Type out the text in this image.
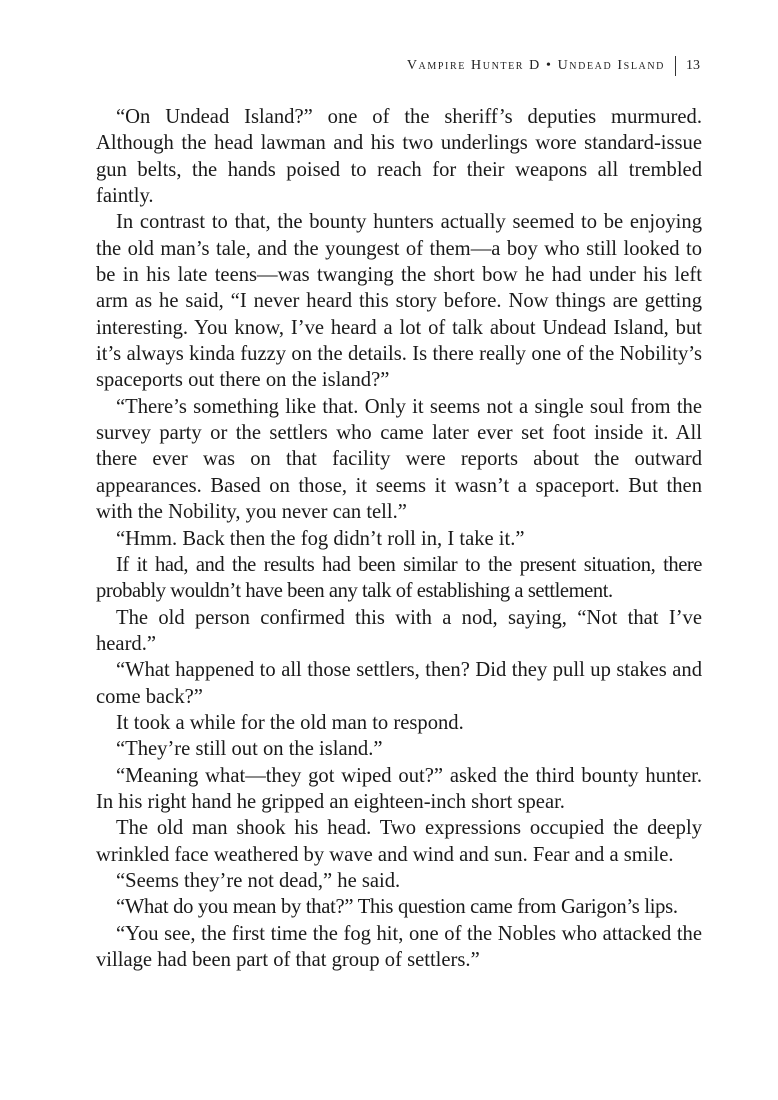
Vampire Hunter D • Undead Island 13

“On Undead Island?” one of the sheriff’s deputies murmured. Although the head lawman and his two underlings wore standard-issue gun belts, the hands poised to reach for their weapons all trembled faintly.

In contrast to that, the bounty hunters actually seemed to be enjoying the old man’s tale, and the youngest of them—a boy who still looked to be in his late teens—was twanging the short bow he had under his left arm as he said, “I never heard this story before. Now things are getting interesting. You know, I’ve heard a lot of talk about Undead Island, but it’s always kinda fuzzy on the details. Is there really one of the Nobility’s spaceports out there on the island?”

“There’s something like that. Only it seems not a single soul from the survey party or the settlers who came later ever set foot inside it. All there ever was on that facility were reports about the outward appearances. Based on those, it seems it wasn’t a spaceport. But then with the Nobility, you never can tell.”

“Hmm. Back then the fog didn’t roll in, I take it.”

If it had, and the results had been similar to the present situation, there probably wouldn’t have been any talk of establishing a settlement.

The old person confirmed this with a nod, saying, “Not that I’ve heard.”

“What happened to all those settlers, then? Did they pull up stakes and come back?”

It took a while for the old man to respond.

“They’re still out on the island.”

“Meaning what—they got wiped out?” asked the third bounty hunter. In his right hand he gripped an eighteen-inch short spear.

The old man shook his head. Two expressions occupied the deeply wrinkled face weathered by wave and wind and sun. Fear and a smile.

“Seems they’re not dead,” he said.

“What do you mean by that?” This question came from Garigon’s lips.

“You see, the first time the fog hit, one of the Nobles who attacked the village had been part of that group of settlers.”
